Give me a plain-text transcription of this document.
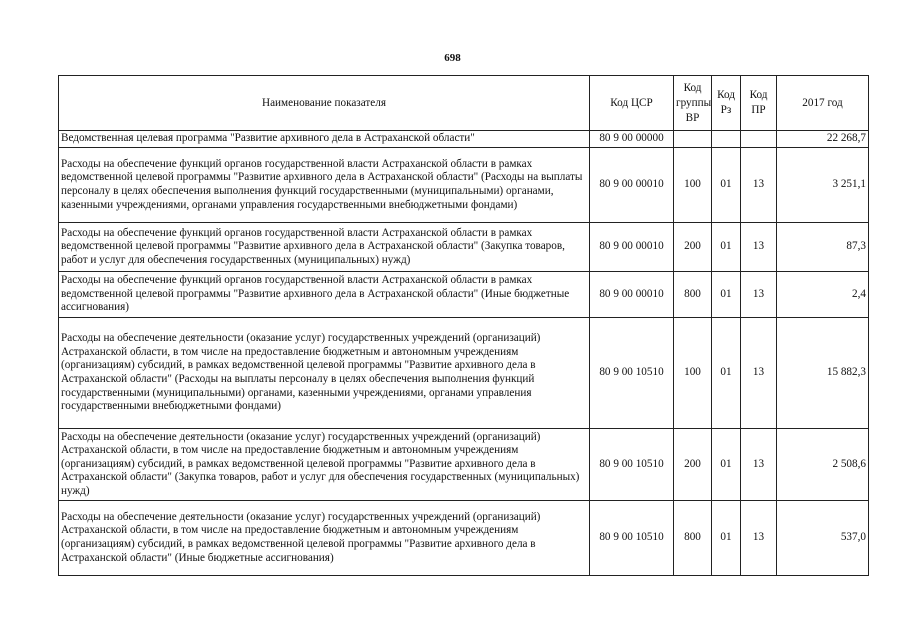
698
Наименование показателя	Код ЦСР	Код группы ВР	Код Рз	Код ПР	2017 год
Ведомственная целевая программа "Развитие архивного дела в Астраханской области"	80 9 00 00000				22 268,7
Расходы на обеспечение функций органов государственной власти Астраханской области в рамках ведомственной целевой программы "Развитие архивного дела в Астраханской области" (Расходы на выплаты персоналу в целях обеспечения выполнения функций государственными (муниципальными) органами, казенными учреждениями, органами управления государственными внебюджетными фондами)	80 9 00 00010	100	01	13	3 251,1
Расходы на обеспечение функций органов государственной власти Астраханской области в рамках ведомственной целевой программы "Развитие архивного дела в Астраханской области" (Закупка товаров, работ и услуг для обеспечения государственных (муниципальных) нужд)	80 9 00 00010	200	01	13	87,3
Расходы на обеспечение функций органов государственной власти Астраханской области в рамках ведомственной целевой программы "Развитие архивного дела в Астраханской области" (Иные бюджетные ассигнования)	80 9 00 00010	800	01	13	2,4
Расходы на обеспечение деятельности (оказание услуг) государственных учреждений (организаций) Астраханской области, в том числе на предоставление бюджетным и автономным учреждениям (организациям) субсидий, в рамках ведомственной целевой программы "Развитие архивного дела в Астраханской области" (Расходы на выплаты персоналу в целях обеспечения выполнения функций государственными (муниципальными) органами, казенными учреждениями, органами управления государственными внебюджетными фондами)	80 9 00 10510	100	01	13	15 882,3
Расходы на обеспечение деятельности (оказание услуг) государственных учреждений (организаций) Астраханской области, в том числе на предоставление бюджетным и автономным учреждениям (организациям) субсидий, в рамках ведомственной целевой программы "Развитие архивного дела в Астраханской области" (Закупка товаров, работ и услуг для обеспечения государственных (муниципальных) нужд)	80 9 00 10510	200	01	13	2 508,6
Расходы на обеспечение деятельности (оказание услуг) государственных учреждений (организаций) Астраханской области, в том числе на предоставление бюджетным и автономным учреждениям (организациям) субсидий, в рамках ведомственной целевой программы "Развитие архивного дела в Астраханской области" (Иные бюджетные ассигнования)	80 9 00 10510	800	01	13	537,0
